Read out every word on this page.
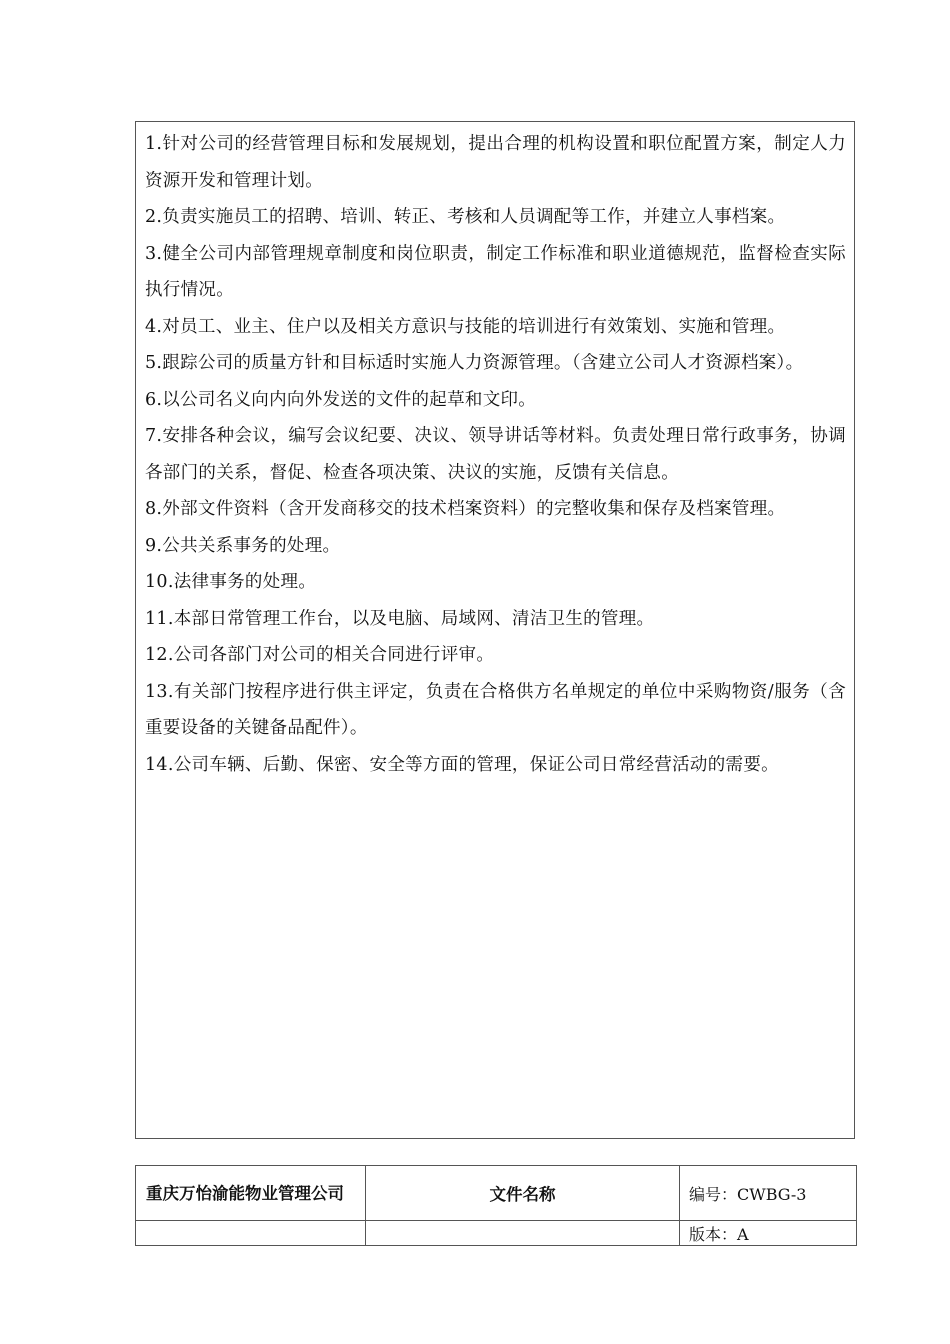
1.针对公司的经营管理目标和发展规划，提出合理的机构设置和职位配置方案，制定人力资源开发和管理计划。

2.负责实施员工的招聘、培训、转正、考核和人员调配等工作，并建立人事档案。

3.健全公司内部管理规章制度和岗位职责，制定工作标准和职业道德规范，监督检查实际执行情况。

4.对员工、业主、住户以及相关方意识与技能的培训进行有效策划、实施和管理。

5.跟踪公司的质量方针和目标适时实施人力资源管理。（含建立公司人才资源档案）。

6.以公司名义向内向外发送的文件的起草和文印。

7.安排各种会议，编写会议纪要、决议、领导讲话等材料。负责处理日常行政事务，协调各部门的关系，督促、检查各项决策、决议的实施，反馈有关信息。

8.外部文件资料（含开发商移交的技术档案资料）的完整收集和保存及档案管理。

9.公共关系事务的处理。

10.法律事务的处理。

11.本部日常管理工作台，以及电脑、局域网、清洁卫生的管理。

12.公司各部门对公司的相关合同进行评审。

13.有关部门按程序进行供主评定，负责在合格供方名单规定的单位中采购物资/服务（含重要设备的关键备品配件）。

14.公司车辆、后勤、保密、安全等方面的管理，保证公司日常经营活动的需要。

重庆万怡渝能物业管理公司	文件名称	编号：CWBG-3
		版本：A
